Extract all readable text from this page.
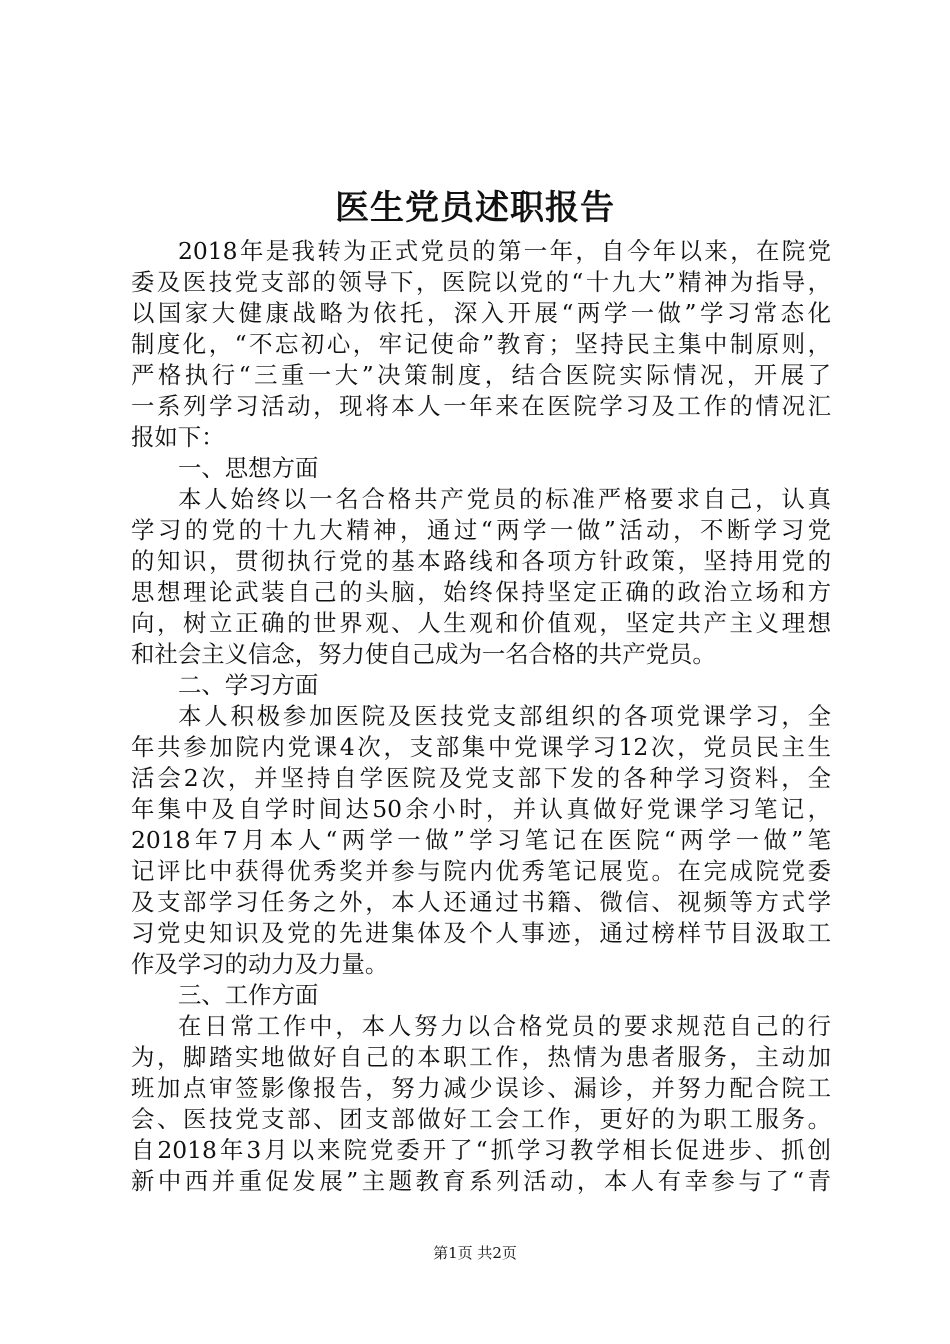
医生党员述职报告
2018年是我转为正式党员的第一年，自今年以来，在院党
委及医技党支部的领导下，医院以党的“十九大”精神为指导，
以国家大健康战略为依托，深入开展“两学一做”学习常态化
制度化，“不忘初心，牢记使命”教育；坚持民主集中制原则，
严格执行“三重一大”决策制度，结合医院实际情况，开展了
一系列学习活动，现将本人一年来在医院学习及工作的情况汇
报如下：
一、思想方面
本人始终以一名合格共产党员的标准严格要求自己，认真
学习的党的十九大精神，通过“两学一做”活动，不断学习党
的知识，贯彻执行党的基本路线和各项方针政策，坚持用党的
思想理论武装自己的头脑，始终保持坚定正确的政治立场和方
向，树立正确的世界观、人生观和价值观，坚定共产主义理想
和社会主义信念，努力使自己成为一名合格的共产党员。
二、学习方面
本人积极参加医院及医技党支部组织的各项党课学习，全
年共参加院内党课4次，支部集中党课学习12次，党员民主生
活会2次，并坚持自学医院及党支部下发的各种学习资料，全
年集中及自学时间达50余小时，并认真做好党课学习笔记，
2018年7月本人“两学一做”学习笔记在医院“两学一做”笔
记评比中获得优秀奖并参与院内优秀笔记展览。在完成院党委
及支部学习任务之外，本人还通过书籍、微信、视频等方式学
习党史知识及党的先进集体及个人事迹，通过榜样节目汲取工
作及学习的动力及力量。
三、工作方面
在日常工作中，本人努力以合格党员的要求规范自己的行
为，脚踏实地做好自己的本职工作，热情为患者服务，主动加
班加点审签影像报告，努力减少误诊、漏诊，并努力配合院工
会、医技党支部、团支部做好工会工作，更好的为职工服务。
自2018年3月以来院党委开了“抓学习教学相长促进步、抓创
新中西并重促发展”主题教育系列活动，本人有幸参与了“青
第1页 共2页
